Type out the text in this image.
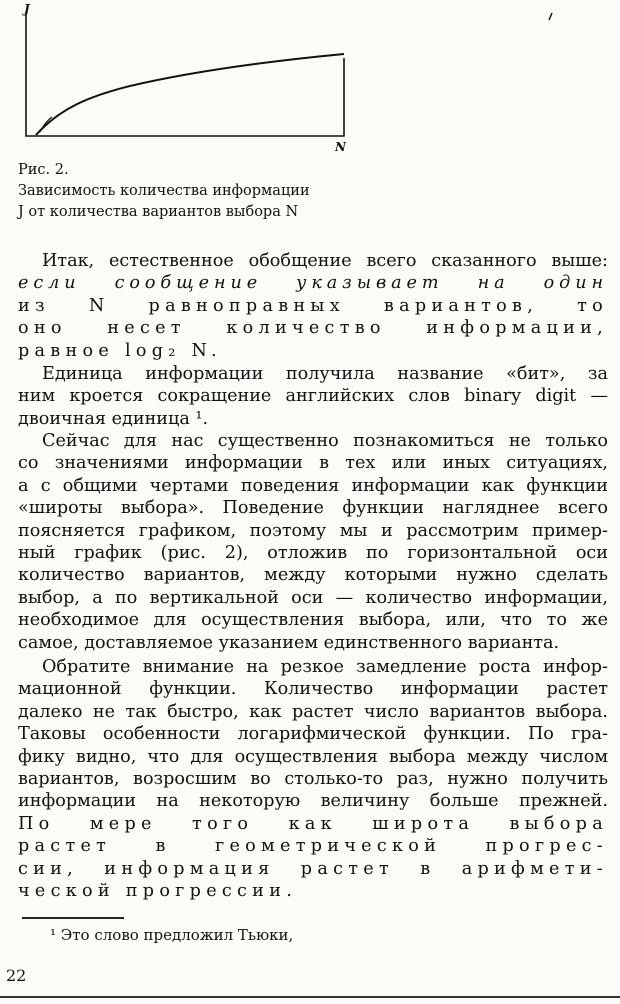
J
N
Рис. 2.
Зависимость количества информации
J от количества вариантов выбора N
Итак, естественное обобщение всего сказанного выше:
если сообщение указывает на один
из N равноправных вариантов, то
оно несет количество информации,
равное log₂ N.
Единица информации получила название «бит», за
ним кроется сокращение английских слов binary digit —
двоичная единица ¹.
Сейчас для нас существенно познакомиться не только
со значениями информации в тех или иных ситуациях,
а с общими чертами поведения информации как функции
«широты выбора». Поведение функции нагляднее всего
поясняется графиком, поэтому мы и рассмотрим пример-
ный график (рис. 2), отложив по горизонтальной оси
количество вариантов, между которыми нужно сделать
выбор, а по вертикальной оси — количество информации,
необходимое для осуществления выбора, или, что то же
самое, доставляемое указанием единственного варианта.
Обратите внимание на резкое замедление роста инфор-
мационной функции. Количество информации растет
далеко не так быстро, как растет число вариантов выбора.
Таковы особенности логарифмической функции. По гра-
фику видно, что для осуществления выбора между числом
вариантов, возросшим во столько-то раз, нужно получить
информации на некоторую величину больше прежней.
По мере того как широта выбора
растет в геометрической прогрес-
сии, информация растет в арифмети-
ческой прогрессии.
¹ Это слово предложил Тьюки,
22
